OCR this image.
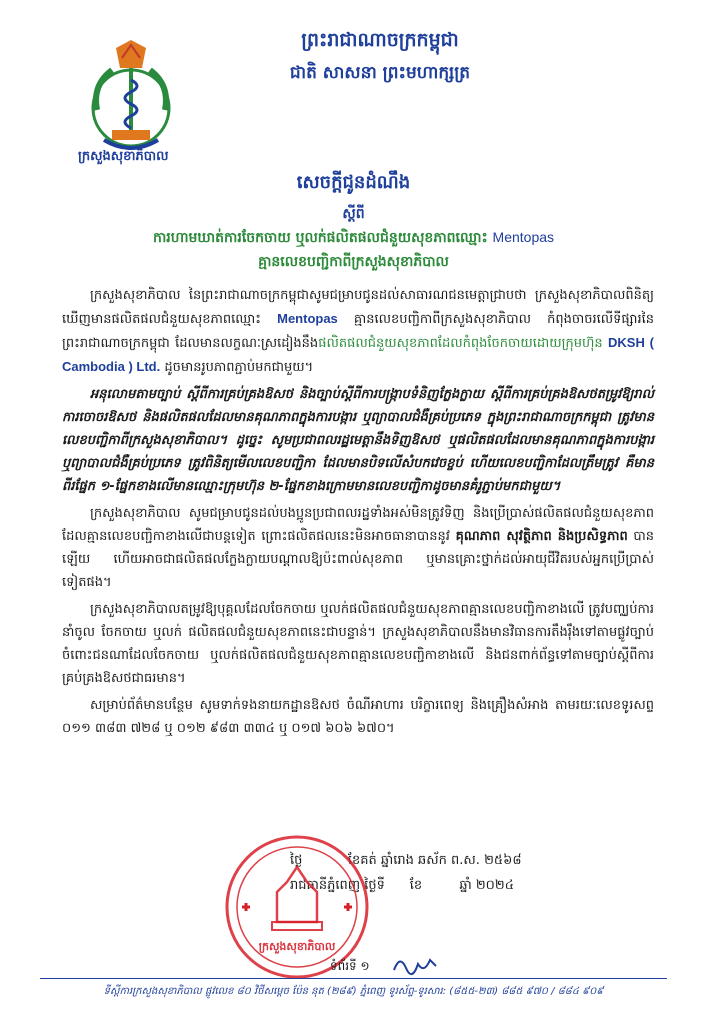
ក្រសួងសុខាភិបាល
ព្រះរាជាណាចក្រកម្ពុជា
ជាតិ សាសនា ព្រះមហាក្សត្រ
សេចក្តីជូនដំណឹង
ស្តីពី
ការហាមឃាត់ការចែកចាយ ឬលក់ផលិតផលជំនួយសុខភាពឈ្មោះ Mentopas
គ្មានលេខបញ្ជិកាពីក្រសួងសុខាភិបាល

ក្រសួងសុខាភិបាល នៃព្រះរាជាណាចក្រកម្ពុជាសូមជម្រាបជូនដល់សាធារណជនមេត្តាជ្រាបថា ក្រសួងសុខាភិបាលពិនិត្យឃើញមានផលិតផលជំនួយសុខភាពឈ្មោះ Mentopas គ្មានលេខបញ្ជិកាពីក្រសួងសុខាភិបាល កំពុងចាចរលើទីផ្សារនៃព្រះរាជាណាចក្រកម្ពុជា ដែលមានលក្ខណៈស្រដៀងនឹងផលិតផលជំនួយសុខភាពដែលកំពុងចែកចាយដោយក្រុមហ៊ុន DKSH ( Cambodia ) Ltd. ដូចមានរូបភាពភ្ជាប់មកជាមួយ។

អនុលោមតាមច្បាប់ ស្តីពីការគ្រប់គ្រងឱសថ និងច្បាប់ស្តីពីការបង្ក្រាបទំនិញក្លែងក្លាយ ស្តីពីការគ្រប់គ្រងឱសថតម្រូវឱ្យរាល់ការចោចរឱសថ និងផលិតផលដែលមានគុណភាពក្នុងការបង្ការ ឬព្យាបាលជំងឺគ្រប់ប្រភេទ ក្នុងព្រះរាជាណាចក្រកម្ពុជា ត្រូវមានលេខបញ្ជិកាពីក្រសួងសុខាភិបាល។ ដូច្នេះ សូមប្រជាពលរដ្ឋមេត្តានឹងទិញឱសថ ឬផលិតផលដែលមានគុណភាពក្នុងការបង្ការ ឬព្យាបាលជំងឺគ្រប់ប្រភេទ ត្រូវពិនិត្យមើលលេខបញ្ជិកា ដែលមានបិទលើសំបកវេចខ្ចប់ ហើយលេខបញ្ជិកាដែលត្រឹមត្រូវ គឺមានពីរផ្នែក ១-ផ្នែកខាងលើមានឈ្មោះក្រុមហ៊ុន ២-ផ្នែកខាងក្រោមមានលេខបញ្ជិកាដូចមានគំរូភ្ជាប់មកជាមួយ។

ក្រសួងសុខាភិបាល សូមជម្រាបជូនដល់បងប្អូនប្រជាពលរដ្ឋទាំងអស់មិនត្រូវទិញ និងប្រើប្រាស់ផលិតផលជំនួយសុខភាពដែលគ្មានលេខបញ្ជិកាខាងលើជាបន្តទៀត ព្រោះផលិតផលនេះមិនអាចធានាបាននូវ គុណភាព សុវត្ថិភាព និងប្រសិទ្ធភាព បានឡើយ ហើយអាចជាផលិតផលក្លែងក្លាយបណ្តាលឱ្យប៉ះពាល់សុខភាព ឬមានគ្រោះថ្នាក់ដល់អាយុជីវិតរបស់អ្នកប្រើប្រាស់ទៀតផង។

ក្រសួងសុខាភិបាលតម្រូវឱ្យបុគ្គលដែលចែកចាយ ឬលក់ផលិតផលជំនួយសុខភាពគ្មានលេខបញ្ជិកាខាងលើ ត្រូវបញ្ឈប់ការនាំចូល ចែកចាយ ឬលក់ ផលិតផលជំនួយសុខភាពនេះជាបន្ទាន់។ ក្រសួងសុខាភិបាលនឹងមានវិធានការតឹងរ៉ឹងទៅតាមផ្លូវច្បាប់ចំពោះជនណាដែលចែកចាយ ឬលក់ផលិតផលជំនួយសុខភាពគ្មានលេខបញ្ជិកាខាងលើ និងជនពាក់ព័ន្ធទៅតាមច្បាប់ស្តីពីការគ្រប់គ្រងឱសថជាធរមាន។

សម្រាប់ព័ត៌មានបន្ថែម សូមទាក់ទងនាយកដ្ឋានឱសថ ចំណីអាហារ បរិក្ខារពេទ្យ និងគ្រឿងសំអាង តាមរយៈលេខទូរសព្ទ ០១១ ៣៨៣ ៧២៨ ឬ ០១២ ៩៨៣ ៣៣៤ ឬ ០១៧ ៦០៦ ៦៧០។

ថ្ងៃ	ខែគត់ ឆ្នាំរោង ឆស័ក ព.ស. ២៥៦៨
រាជធានីភ្នំពេញ ថ្ងៃទី ខែ	ឆ្នាំ ២០២៤
ក្រសួងសុខាភិបាល
ទំព័រទី ១
ទីស្តីការក្រសួងសុខាភិបាល ផ្លូវលេខ ៨០ វិថីសម្តេច ប៉ែន នុត (២៨៩) ភ្នំពេញ ទូរស័ព្ទ-ទូរសារ: (៨៥៥-២៣) ៨៨៥ ៩៧០ / ៨៨៤ ៩០៩
